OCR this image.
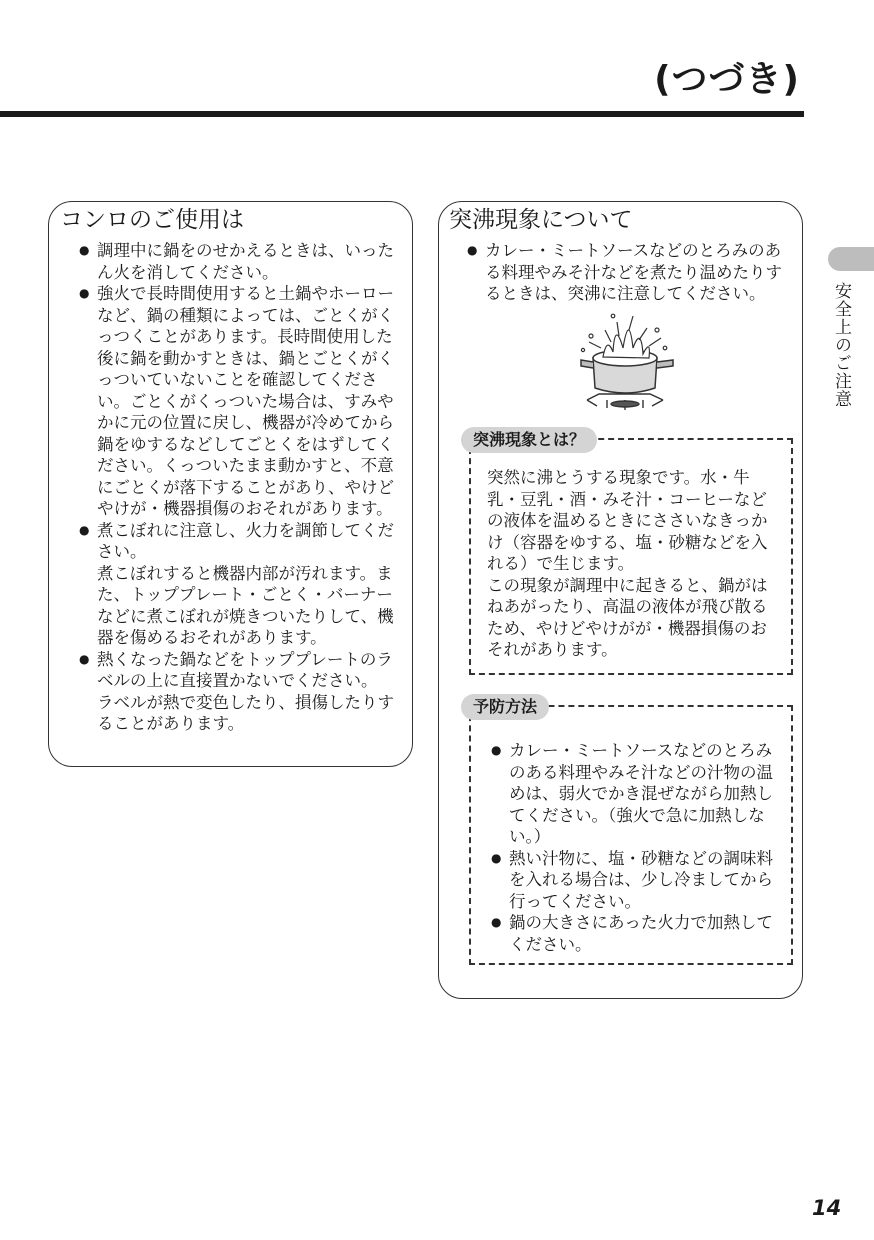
(つづき)
安全上のご注意
コンロのご使用は
● 調理中に鍋をのせかえるときは、いったん火を消してください。
● 強火で長時間使用すると土鍋やホーローなど、鍋の種類によっては、ごとくがくっつくことがあります。長時間使用した後に鍋を動かすときは、鍋とごとくがくっついていないことを確認してください。ごとくがくっついた場合は、すみやかに元の位置に戻し、機器が冷めてから鍋をゆするなどしてごとくをはずしてください。くっついたまま動かすと、不意にごとくが落下することがあり、やけどやけが・機器損傷のおそれがあります。
● 煮こぼれに注意し、火力を調節してください。
煮こぼれすると機器内部が汚れます。また、トッププレート・ごとく・バーナーなどに煮こぼれが焼きついたりして、機器を傷めるおそれがあります。
● 熱くなった鍋などをトッププレートのラベルの上に直接置かないでください。
ラベルが熱で変色したり、損傷したりすることがあります。
突沸現象について
● カレー・ミートソースなどのとろみのある料理やみそ汁などを煮たり温めたりするときは、突沸に注意してください。
突沸現象とは？
突然に沸とうする現象です。水・牛乳・豆乳・酒・みそ汁・コーヒーなどの液体を温めるときにささいなきっかけ（容器をゆする、塩・砂糖などを入れる）で生じます。
この現象が調理中に起きると、鍋がはねあがったり、高温の液体が飛び散るため、やけどやけがが・機器損傷のおそれがあります。
予防方法
● カレー・ミートソースなどのとろみのある料理やみそ汁などの汁物の温めは、弱火でかき混ぜながら加熱してください。（強火で急に加熱しない。）
● 熱い汁物に、塩・砂糖などの調味料を入れる場合は、少し冷ましてから行ってください。
● 鍋の大きさにあった火力で加熱してください。
14
